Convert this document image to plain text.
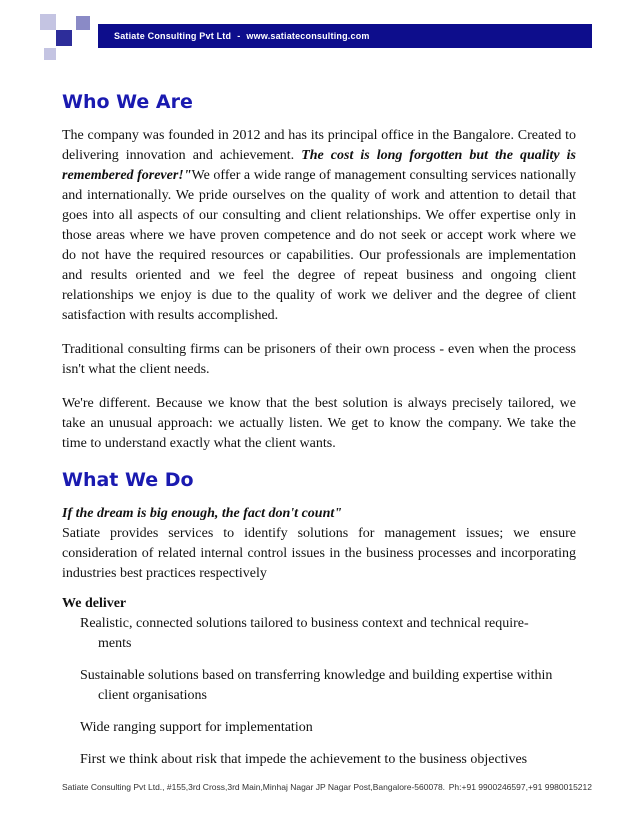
Satiate Consulting Pvt Ltd - www.satiateconsulting.com
Who We Are

The company was founded in 2012 and has its principal office in the Bangalore. Created to delivering innovation and achievement. The cost is long forgotten but the quality is remembered forever!"We offer a wide range of management consulting services nationally and internationally. We pride ourselves on the quality of work and attention to detail that goes into all aspects of our consulting and client relationships. We offer expertise only in those areas where we have proven competence and do not seek or accept work where we do not have the required resources or capabilities. Our professionals are implementation and results oriented and we feel the degree of repeat business and ongoing client relationships we enjoy is due to the quality of work we deliver and the degree of client satisfaction with results accomplished.

Traditional consulting firms can be prisoners of their own process - even when the process isn't what the client needs.

We're different. Because we know that the best solution is always precisely tailored, we take an unusual approach: we actually listen. We get to know the company. We take the time to understand exactly what the client wants.

What We Do

If the dream is big enough, the fact don't count"

Satiate provides services to identify solutions for management issues; we ensure consideration of related internal control issues in the business processes and incorporating industries best practices respectively

We deliver
Realistic, connected solutions tailored to business context and technical require-
ments
Sustainable solutions based on transferring knowledge and building expertise within
client organisations
Wide ranging support for implementation
First we think about risk that impede the achievement to the business objectives
Satiate Consulting Pvt Ltd., #155,3rd Cross,3rd Main,Minhaj Nagar JP Nagar Post,Bangalore-560078. Ph:+91 9900246597,+91 9980015212
